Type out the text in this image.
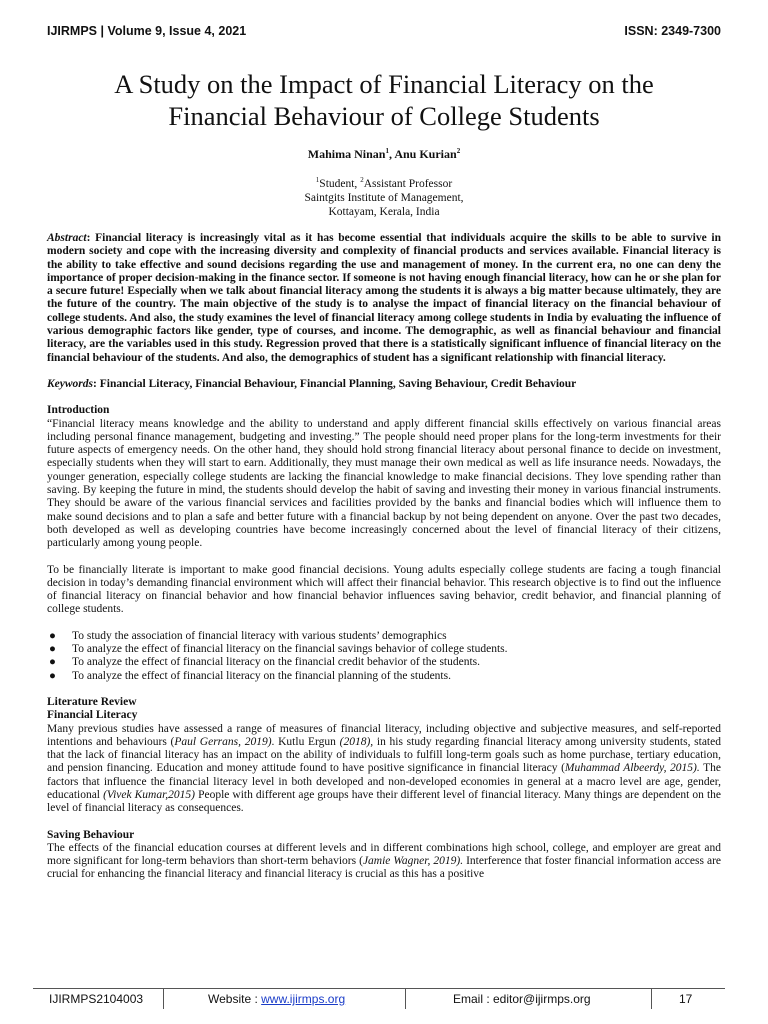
IJIRMPS | Volume 9, Issue 4, 2021	ISSN: 2349-7300
A Study on the Impact of Financial Literacy on the
Financial Behaviour of College Students
Mahima Ninan$^1$, Anu Kurian$^2$
$^1$Student, $^2$Assistant Professor
Saintgits Institute of Management,
Kottayam, Kerala, India

Abstract: Financial literacy is increasingly vital as it has become essential that individuals acquire the skills to be able to survive in modern society and cope with the increasing diversity and complexity of financial products and services available. Financial literacy is the ability to take effective and sound decisions regarding the use and management of money. In the current era, no one can deny the importance of proper decision-making in the finance sector. If someone is not having enough financial literacy, how can he or she plan for a secure future! Especially when we talk about financial literacy among the students it is always a big matter because ultimately, they are the future of the country. The main objective of the study is to analyse the impact of financial literacy on the financial behaviour of college students. And also, the study examines the level of financial literacy among college students in India by evaluating the influence of various demographic factors like gender, type of courses, and income. The demographic, as well as financial behaviour and financial literacy, are the variables used in this study. Regression proved that there is a statistically significant influence of financial literacy on the financial behaviour of the students. And also, the demographics of student has a significant relationship with financial literacy.

Keywords: Financial Literacy, Financial Behaviour, Financial Planning, Saving Behaviour, Credit Behaviour

Introduction

“Financial literacy means knowledge and the ability to understand and apply different financial skills effectively on various financial areas including personal finance management, budgeting and investing.” The people should need proper plans for the long-term investments for their future aspects of emergency needs. On the other hand, they should hold strong financial literacy about personal finance to decide on investment, especially students when they will start to earn. Additionally, they must manage their own medical as well as life insurance needs. Nowadays, the younger generation, especially college students are lacking the financial knowledge to make financial decisions. They love spending rather than saving. By keeping the future in mind, the students should develop the habit of saving and investing their money in various financial instruments. They should be aware of the various financial services and facilities provided by the banks and financial bodies which will influence them to make sound decisions and to plan a safe and better future with a financial backup by not being dependent on anyone. Over the past two decades, both developed as well as developing countries have become increasingly concerned about the level of financial literacy of their citizens, particularly among young people.

To be financially literate is important to make good financial decisions. Young adults especially college students are facing a tough financial decision in today’s demanding financial environment which will affect their financial behavior. This research objective is to find out the influence of financial literacy on financial behavior and how financial behavior influences saving behavior, credit behavior, and financial planning of college students.

● To study the association of financial literacy with various students’ demographics
● To analyze the effect of financial literacy on the financial savings behavior of college students.
● To analyze the effect of financial literacy on the financial credit behavior of the students.
● To analyze the effect of financial literacy on the financial planning of the students.

Literature Review

Financial Literacy

Many previous studies have assessed a range of measures of financial literacy, including objective and subjective measures, and self-reported intentions and behaviours (Paul Gerrans, 2019). Kutlu Ergun (2018), in his study regarding financial literacy among university students, stated that the lack of financial literacy has an impact on the ability of individuals to fulfill long-term goals such as home purchase, tertiary education, and pension financing. Education and money attitude found to have positive significance in financial literacy (Muhammad Albeerdy, 2015). The factors that influence the financial literacy level in both developed and non-developed economies in general at a macro level are age, gender, educational (Vivek Kumar,2015) People with different age groups have their different level of financial literacy. Many things are dependent on the level of financial literacy as consequences.

Saving Behaviour

The effects of the financial education courses at different levels and in different combinations high school, college, and employer are great and more significant for long-term behaviors than short-term behaviors (Jamie Wagner, 2019). Interference that foster financial information access are crucial for enhancing the financial literacy and financial literacy is crucial as this has a positive

IJIRMPS2104003	Website : www.ijirmps.org	Email : editor@ijirmps.org	17
